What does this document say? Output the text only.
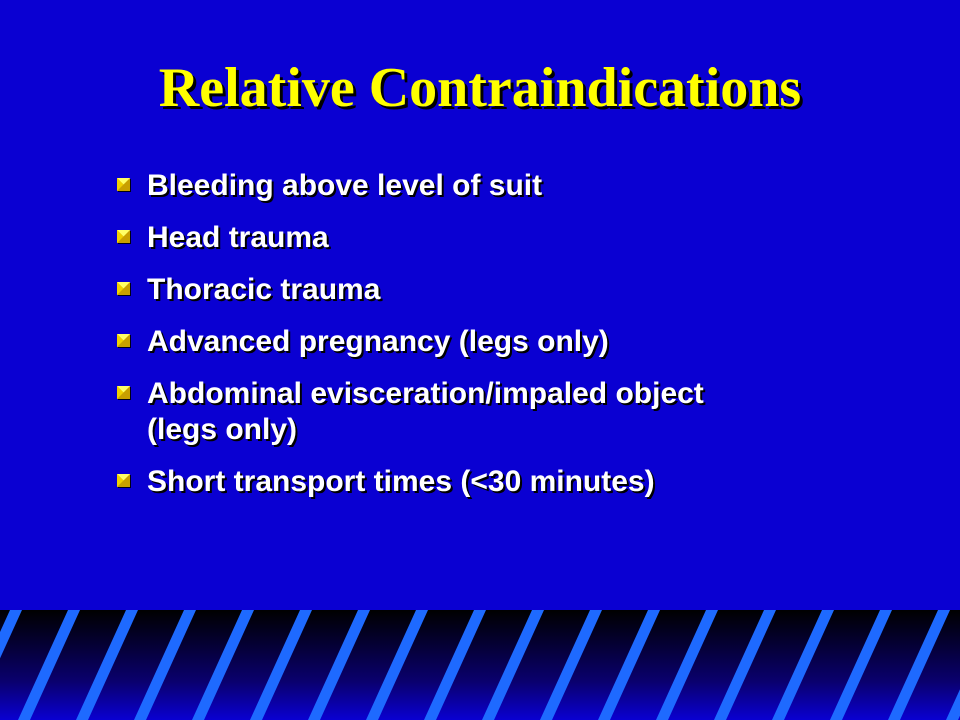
Relative Contraindications
Bleeding above level of suit
Head trauma
Thoracic trauma
Advanced pregnancy (legs only)
Abdominal evisceration/impaled object
(legs only)
Short transport times (<30 minutes)
